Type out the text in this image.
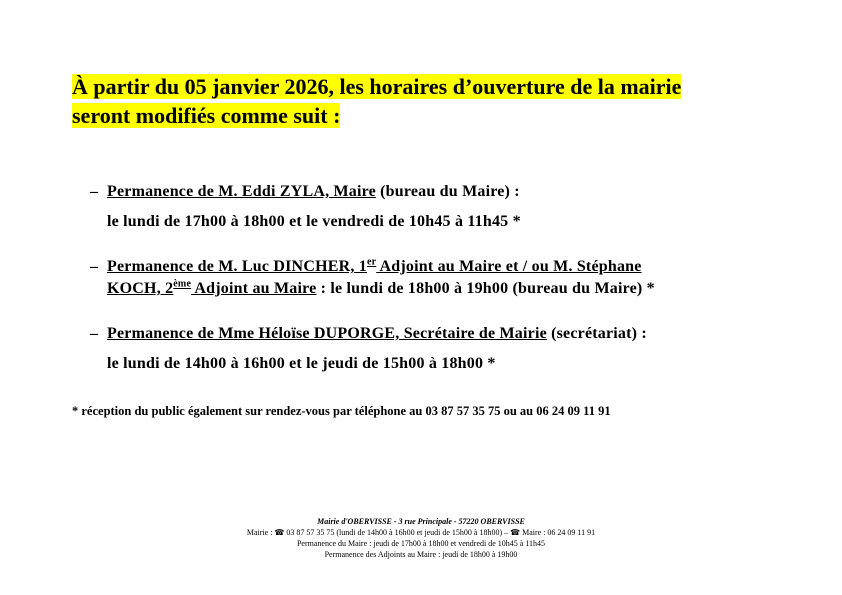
À partir du 05 janvier 2026, les horaires d’ouverture de la mairie
seront modifiés comme suit :
– Permanence de M. Eddi ZYLA, Maire (bureau du Maire) :
le lundi de 17h00 à 18h00 et le vendredi de 10h45 à 11h45 *
– Permanence de M. Luc DINCHER, 1er Adjoint au Maire et / ou M. Stéphane
KOCH, 2ème Adjoint au Maire : le lundi de 18h00 à 19h00 (bureau du Maire) *
– Permanence de Mme Héloïse DUPORGE, Secrétaire de Mairie (secrétariat) :
le lundi de 14h00 à 16h00 et le jeudi de 15h00 à 18h00 *
* réception du public également sur rendez-vous par téléphone au 03 87 57 35 75 ou au 06 24 09 11 91
Mairie d'OBERVISSE - 3 rue Principale - 57220 OBERVISSE
Mairie : ☎ 03 87 57 35 75 (lundi de 14h00 à 16h00 et jeudi de 15h00 à 18h00) – ☎ Maire : 06 24 09 11 91
Permanence du Maire : jeudi de 17h00 à 18h00 et vendredi de 10h45 à 11h45
Permanence des Adjoints au Maire : jeudi de 18h00 à 19h00
